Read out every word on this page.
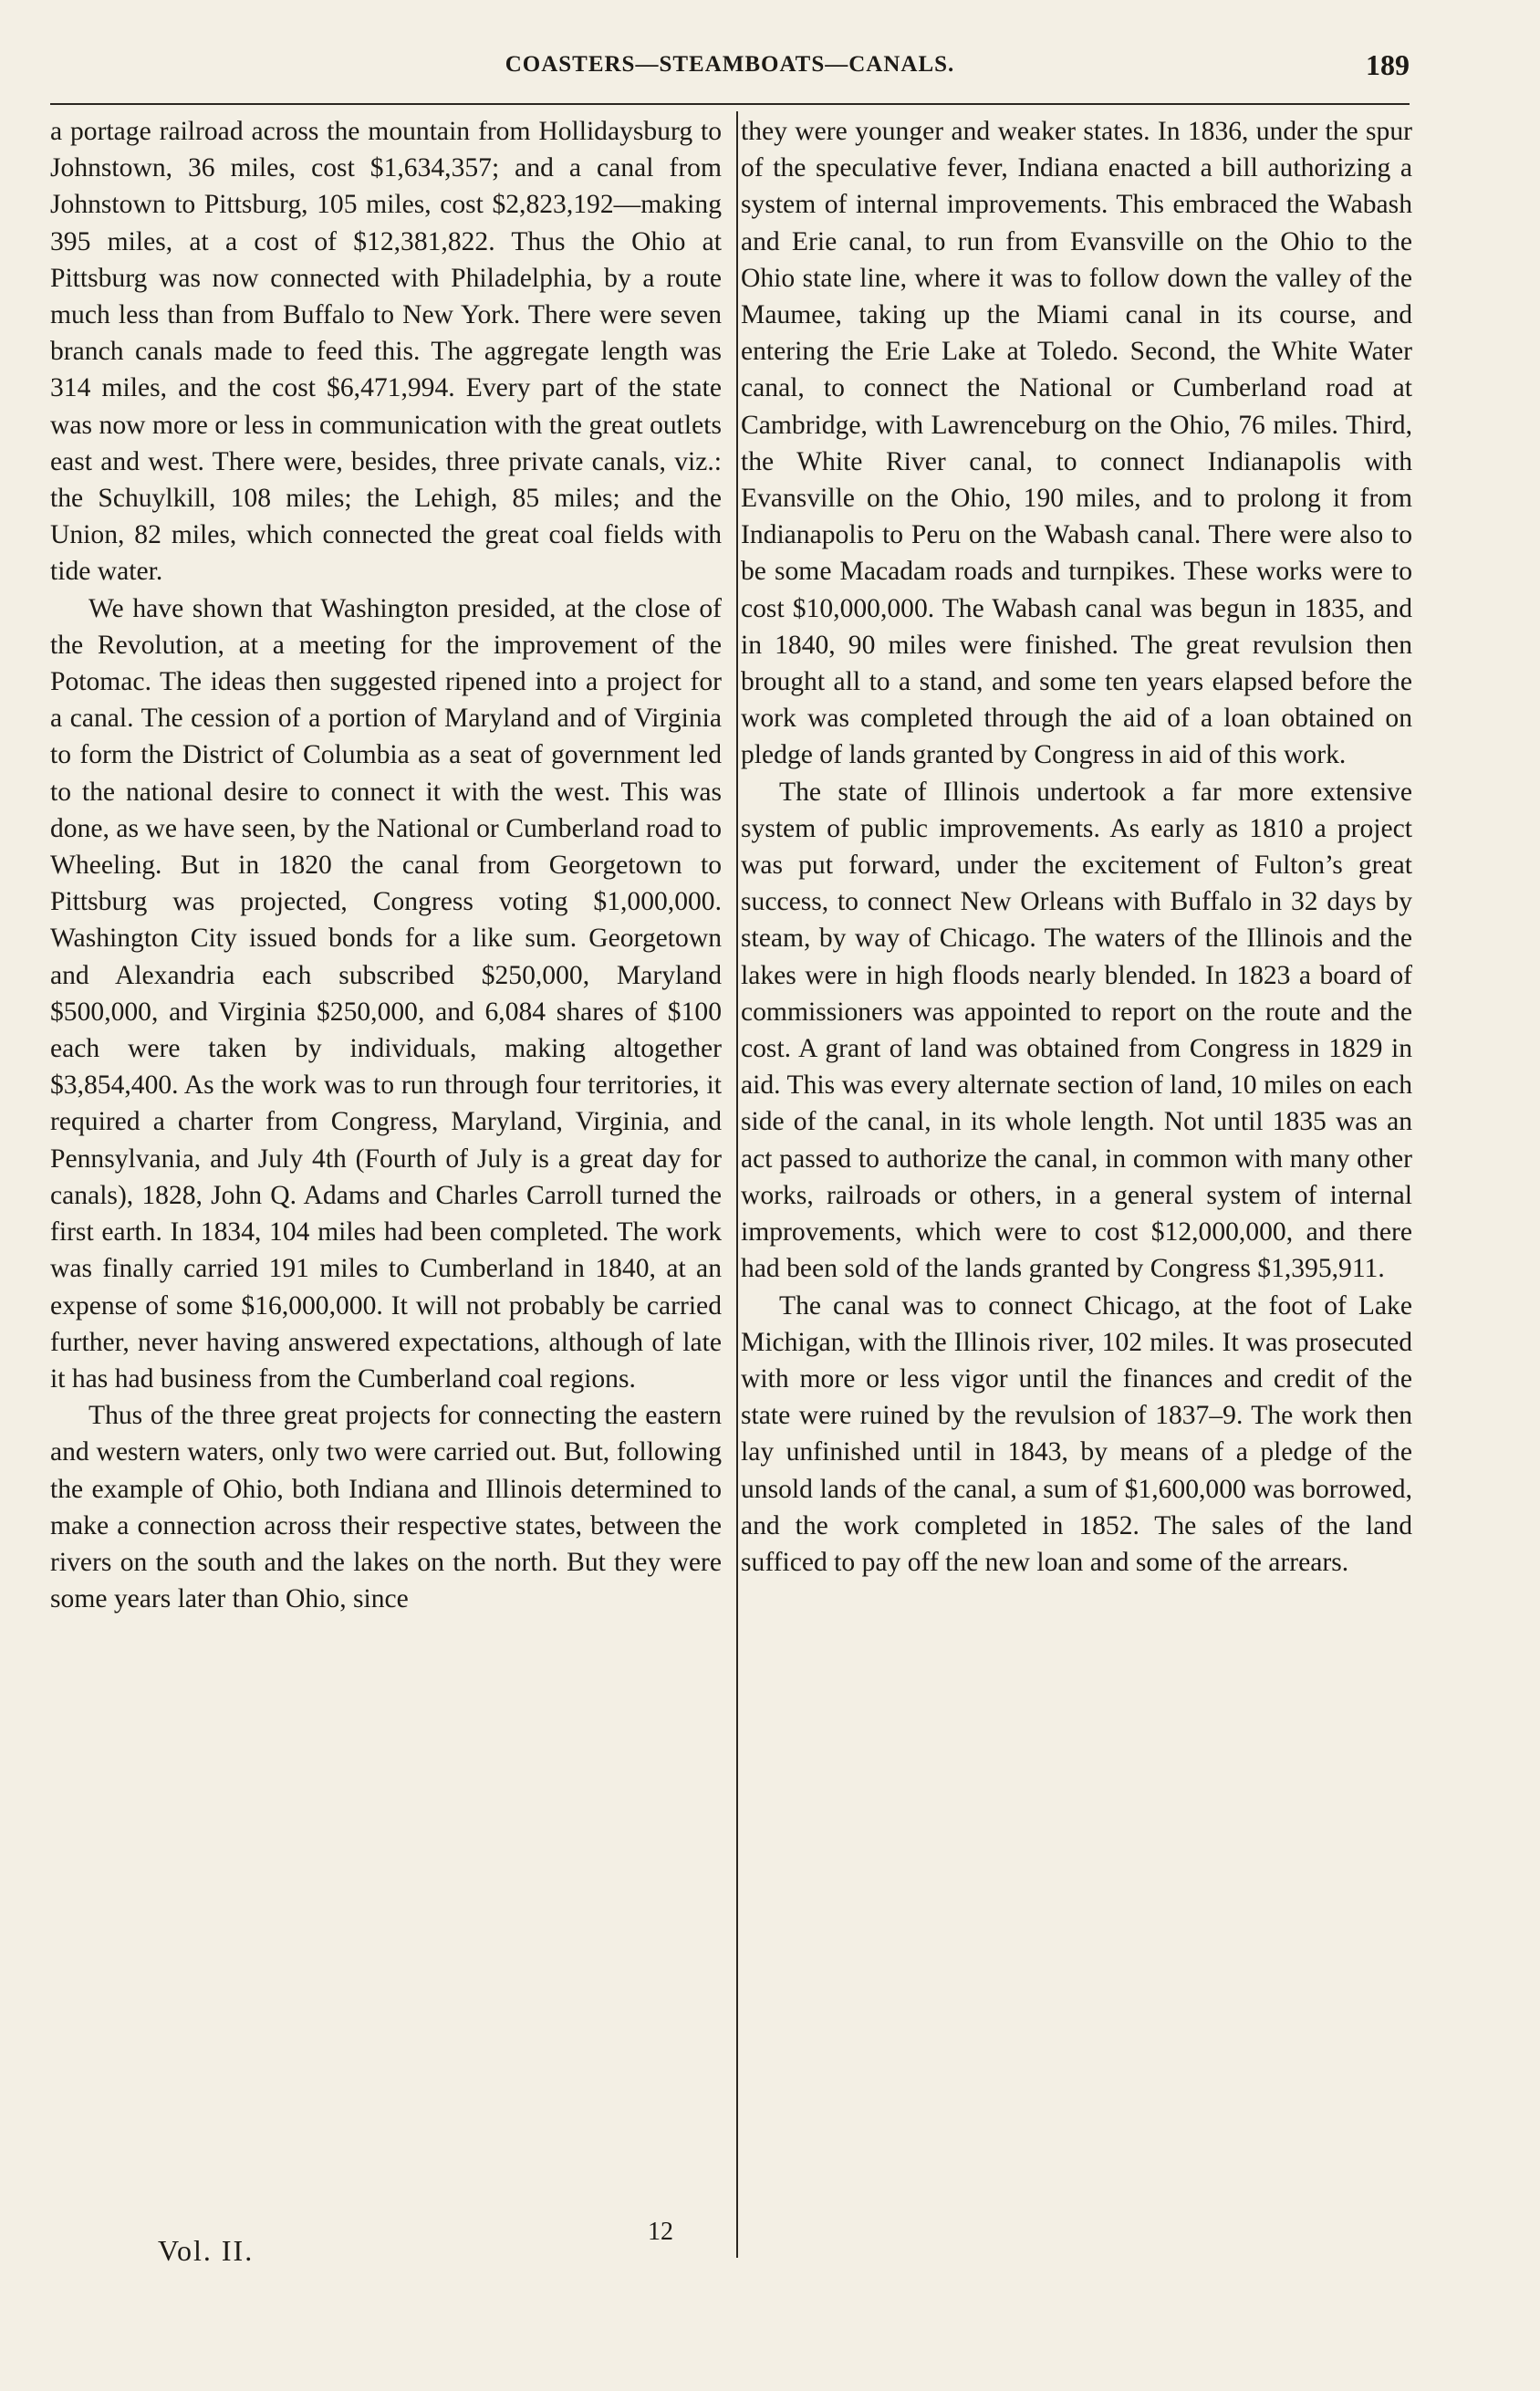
COASTERS—STEAMBOATS—CANALS.	189

a portage railroad across the mountain from Hollidaysburg to Johnstown, 36 miles, cost $1,634,357; and a canal from Johnstown to Pittsburg, 105 miles, cost $2,823,192—making 395 miles, at a cost of $12,381,822. Thus the Ohio at Pittsburg was now connected with Philadelphia, by a route much less than from Buffalo to New York. There were seven branch canals made to feed this. The aggregate length was 314 miles, and the cost $6,471,994. Every part of the state was now more or less in communication with the great outlets east and west. There were, besides, three private canals, viz.: the Schuylkill, 108 miles; the Lehigh, 85 miles; and the Union, 82 miles, which connected the great coal fields with tide water.

We have shown that Washington presided, at the close of the Revolution, at a meeting for the improvement of the Potomac. The ideas then suggested ripened into a project for a canal. The cession of a portion of Maryland and of Virginia to form the District of Columbia as a seat of government led to the national desire to connect it with the west. This was done, as we have seen, by the National or Cumberland road to Wheeling. But in 1820 the canal from Georgetown to Pittsburg was projected, Congress voting $1,000,000. Washington City issued bonds for a like sum. Georgetown and Alexandria each subscribed $250,000, Maryland $500,000, and Virginia $250,000, and 6,084 shares of $100 each were taken by individuals, making altogether $3,854,400. As the work was to run through four territories, it required a charter from Congress, Maryland, Virginia, and Pennsylvania, and July 4th (Fourth of July is a great day for canals), 1828, John Q. Adams and Charles Carroll turned the first earth. In 1834, 104 miles had been completed. The work was finally carried 191 miles to Cumberland in 1840, at an expense of some $16,000,000. It will not probably be carried further, never having answered expectations, although of late it has had business from the Cumberland coal regions.

Thus of the three great projects for connecting the eastern and western waters, only two were carried out. But, following the example of Ohio, both Indiana and Illinois determined to make a connection across their respective states, between the rivers on the south and the lakes on the north. But they were some years later than Ohio, since

they were younger and weaker states. In 1836, under the spur of the speculative fever, Indiana enacted a bill authorizing a system of internal improvements. This embraced the Wabash and Erie canal, to run from Evansville on the Ohio to the Ohio state line, where it was to follow down the valley of the Maumee, taking up the Miami canal in its course, and entering the Erie Lake at Toledo. Second, the White Water canal, to connect the National or Cumberland road at Cambridge, with Lawrenceburg on the Ohio, 76 miles. Third, the White River canal, to connect Indianapolis with Evansville on the Ohio, 190 miles, and to prolong it from Indianapolis to Peru on the Wabash canal. There were also to be some Macadam roads and turnpikes. These works were to cost $10,000,000. The Wabash canal was begun in 1835, and in 1840, 90 miles were finished. The great revulsion then brought all to a stand, and some ten years elapsed before the work was completed through the aid of a loan obtained on pledge of lands granted by Congress in aid of this work.

The state of Illinois undertook a far more extensive system of public improvements. As early as 1810 a project was put forward, under the excitement of Fulton’s great success, to connect New Orleans with Buffalo in 32 days by steam, by way of Chicago. The waters of the Illinois and the lakes were in high floods nearly blended. In 1823 a board of commissioners was appointed to report on the route and the cost. A grant of land was obtained from Congress in 1829 in aid. This was every alternate section of land, 10 miles on each side of the canal, in its whole length. Not until 1835 was an act passed to authorize the canal, in common with many other works, railroads or others, in a general system of internal improvements, which were to cost $12,000,000, and there had been sold of the lands granted by Congress $1,395,911.

The canal was to connect Chicago, at the foot of Lake Michigan, with the Illinois river, 102 miles. It was prosecuted with more or less vigor until the finances and credit of the state were ruined by the revulsion of 1837–9. The work then lay unfinished until in 1843, by means of a pledge of the unsold lands of the canal, a sum of $1,600,000 was borrowed, and the work completed in 1852. The sales of the land sufficed to pay off the new loan and some of the arrears.

Vol. II.
12
